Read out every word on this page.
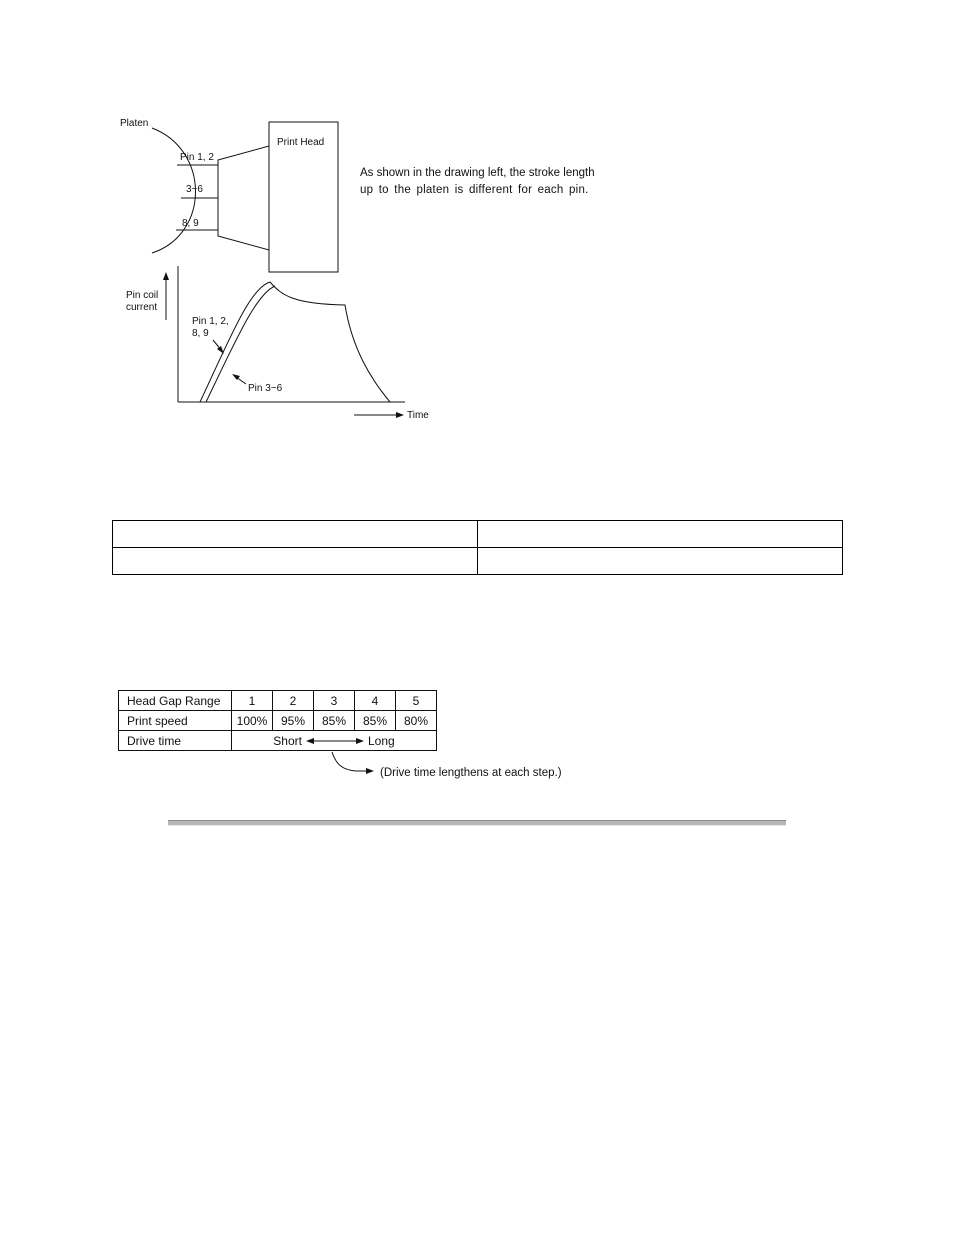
Platen
Pin 1, 2
3~6
8, 9
Print Head
Pin coil
current
Pin 1, 2,
8, 9
Pin 3~6
Time
As shown in the drawing left, the stroke length
up to the platen is different for each pin.

Head Gap Range	1	2	3	4	5
Print speed	100%	95%	85%	85%	80%
Drive time	Short Long				
(Drive time lengthens at each step.)
